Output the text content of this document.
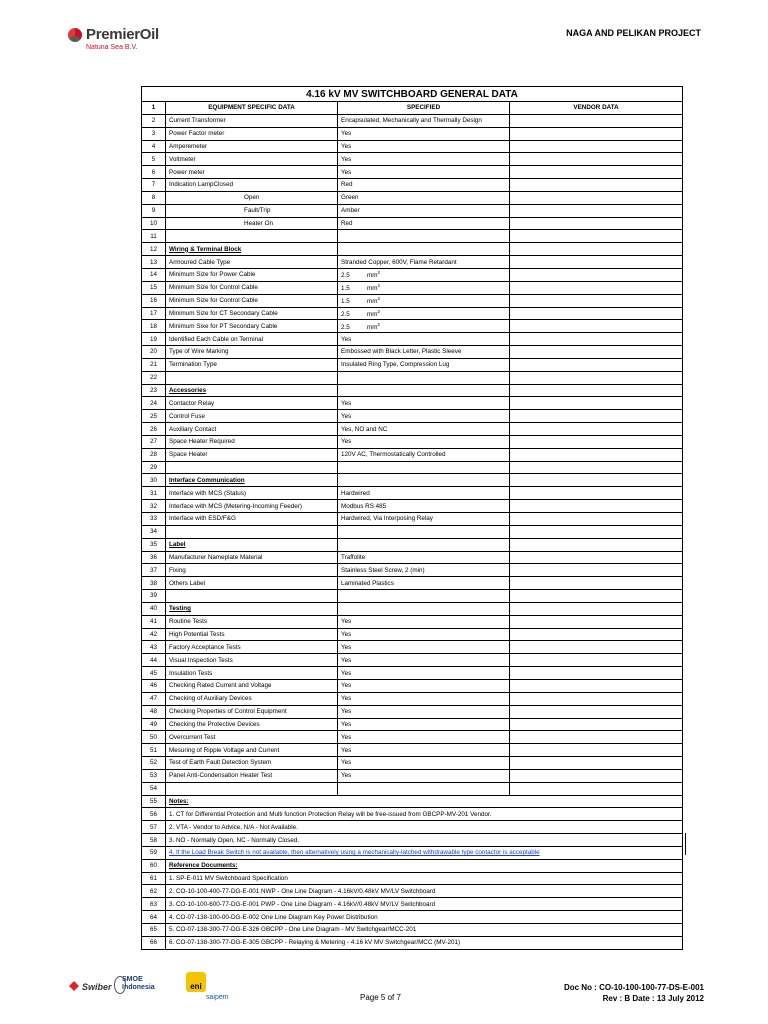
PremierOil
Natuna Sea B.V.
NAGA AND PELIKAN PROJECT
4.16 kV MV SWITCHBOARD GENERAL DATA			
1	EQUIPMENT SPECIFIC DATA	SPECIFIED	VENDOR DATA
2	Current Transformer	Encapsulated, Mechanically and Thermally Design	
3	Power Factor meter	Yes	
4	Amperemeter	Yes	
5	Voltmeter	Yes	
6	Power meter	Yes	
7	Indication LampClosed	Red	
8	Open	Green	
9	Fault/Trip	Amber	
10	Heater On	Red	
11			
12	Wiring & Terminal Block		
13	Armoured Cable Type	Stranded Copper, 600V, Flame Retardant	
14	Minimum Size for Power Cable	2.5 $mm^2$	
15	Minimum Size for Control Cable	1.5 $mm^2$	
16	Minimum Size for Control Cable	1.5 $mm^2$	
17	Minimum Size for CT Secondary Cable	2.5 $mm^2$	
18	Minimum Sixe for PT Secondary Cable	2.5 $mm^2$	
19	Identified Each Cable on Terminal	Yes	
20	Type of Wire Marking	Embossed with Black Letter, Plastic Sleeve	
21	Termination Type	Insulated Ring Type, Compression Lug	
22			
23	Accessories		
24	Contactor Relay	Yes	
25	Control Fuse	Yes	
26	Auxiliary Contact	Yes, NO and NC	
27	Space Heater Required	Yes	
28	Space Heater	120V AC, Thermostatically Controlled	
29			
30	Interface Communication		
31	Interface with MCS (Status)	Hardwired	
32	Interface with MCS (Metering-Incoming Feeder)	Modbus RS 485	
33	Interface with ESD/F&G	Hardwired, Via Interposing Relay	
34			
35	Label		
36	Manufacturer Nameplate Material	Traffolite	
37	Fixing	Stainless Steel Screw, 2 (min)	
38	Others Label	Laminated Plastics	
39			
40	Testing		
41	Routine Tests	Yes	
42	High Potential Tests	Yes	
43	Factory Acceptance Tests	Yes	
44	Visual Inspection Tests	Yes	
45	Insulation Tests	Yes	
46	Checking Rated Current and Voltage	Yes	
47	Checking of Auxiliary Devices	Yes	
48	Checking Properties of Control Equipment	Yes	
49	Checking the Protective Devices	Yes	
50	Overcurrent Test	Yes	
51	Mesuring of Ripple Voltage and Current	Yes	
52	Test of Earth Fault Detection System	Yes	
53	Panel Anti-Condensation Heater Test	Yes	
54			
55	Notes:		
56	1. CT for Differential Protection and Multi function Protection Relay will be free-issued from GBCPP-MV-201 Vendor.		
57	2. VTA - Vendor to Advice, N/A - Not Available.		
58	3. NO - Normally Open, NC - Normally Closed.		
59	4. If the Load Break Switch is not available, then alternatively using a mechanically-latched withdrawable type contactor is acceptable		
60	Reference Documents:		
61	1. SP-E-011 MV Switchboard Specification		
62	2. CO-10-100-400-77-DG-E-001 NWP - One Line Diagram - 4.16kV/0.48kV MV/LV Switchboard		
63	3. CO-10-100-600-77-DG-E-001 PWP - One Line Diagram - 4.16kV/0.48kV MV/LV Switchboard		
64	4. CO-07-138-100-00-DG-E-002 One Line Diagram Key Power Distribution		
65	5. CO-07-138-300-77-DG-E-326 GBCPP - One Line Diagram - MV Switchgear/MCC-201		
66	6. CO-07-138-300-77-DG-E-305 GBCPP - Relaying & Metering - 4.16 kV MV Switchgear/MCC (MV-201)		
Swiber
SMOE
Indonesia	eni
saipem	Page 5 of 7
Doc No : CO-10-100-100-77-DS-E-001
Rev : B Date : 13 July 2012
